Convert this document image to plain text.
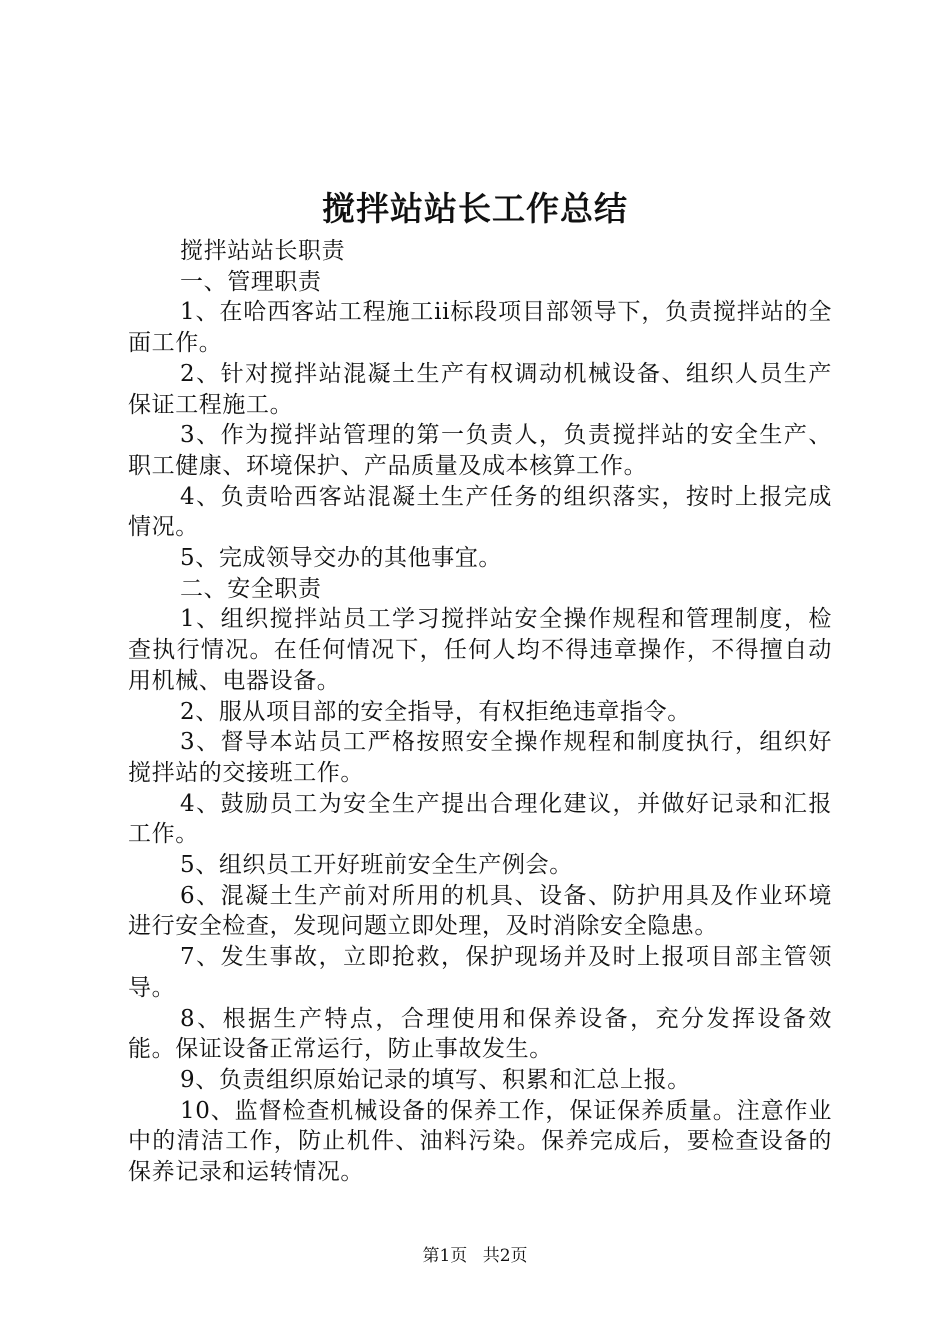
搅拌站站长工作总结

搅拌站站长职责

一、管理职责

1、在哈西客站工程施工ii标段项目部领导下，负责搅拌站的全面工作。

2、针对搅拌站混凝土生产有权调动机械设备、组织人员生产保证工程施工。

3、作为搅拌站管理的第一负责人，负责搅拌站的安全生产、职工健康、环境保护、产品质量及成本核算工作。

4、负责哈西客站混凝土生产任务的组织落实，按时上报完成情况。

5、完成领导交办的其他事宜。

二、安全职责

1、组织搅拌站员工学习搅拌站安全操作规程和管理制度，检查执行情况。在任何情况下，任何人均不得违章操作，不得擅自动用机械、电器设备。

2、服从项目部的安全指导，有权拒绝违章指令。

3、督导本站员工严格按照安全操作规程和制度执行，组织好搅拌站的交接班工作。

4、鼓励员工为安全生产提出合理化建议，并做好记录和汇报工作。

5、组织员工开好班前安全生产例会。

6、混凝土生产前对所用的机具、设备、防护用具及作业环境进行安全检查，发现问题立即处理，及时消除安全隐患。

7、发生事故，立即抢救，保护现场并及时上报项目部主管领导。

8、根据生产特点，合理使用和保养设备，充分发挥设备效能。保证设备正常运行，防止事故发生。

9、负责组织原始记录的填写、积累和汇总上报。

10、监督检查机械设备的保养工作，保证保养质量。注意作业中的清洁工作，防止机件、油料污染。保养完成后，要检查设备的保养记录和运转情况。

第1页 共2页
